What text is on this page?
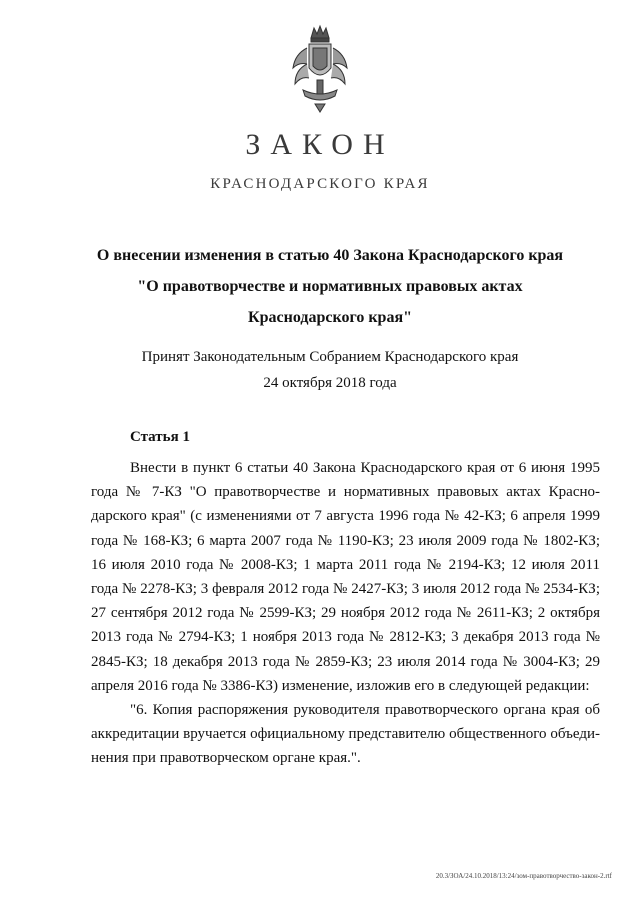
ЗАКОН
КРАСНОДАРСКОГО КРАЯ
О внесении изменения в статью 40 Закона Краснодарского края
"О правотворчестве и нормативных правовых актах
Краснодарского края"
Принят Законодательным Собранием Краснодарского края
24 октября 2018 года
Статья 1

Внести в пункт 6 статьи 40 Закона Краснодарского края от 6 июня 1995 года № 7-КЗ "О правотворчестве и нормативных правовых актах Краснодарского края" (с изменениями от 7 августа 1996 года № 42-КЗ; 6 апреля 1999 года № 168-КЗ; 6 марта 2007 года № 1190-КЗ; 23 июля 2009 года № 1802-КЗ; 16 июля 2010 года № 2008-КЗ; 1 марта 2011 года № 2194-КЗ; 12 июля 2011 года № 2278-КЗ; 3 февраля 2012 года № 2427-КЗ; 3 июля 2012 года № 2534-КЗ; 27 сентября 2012 года № 2599-КЗ; 29 ноября 2012 года № 2611-КЗ; 2 октября 2013 года № 2794-КЗ; 1 ноября 2013 года № 2812-КЗ; 3 декабря 2013 года № 2845-КЗ; 18 декабря 2013 года № 2859-КЗ; 23 июля 2014 года № 3004-КЗ; 29 апреля 2016 года № 3386-КЗ) изменение, изложив его в следующей редакции:

"6. Копия распоряжения руководителя правотворческого органа края об аккредитации вручается официальному представителю общественного объединения при правотворческом органе края.".

20.3/ЗОА/24.10.2018/13:24/зом-правотворчество-закон-2.rtf
